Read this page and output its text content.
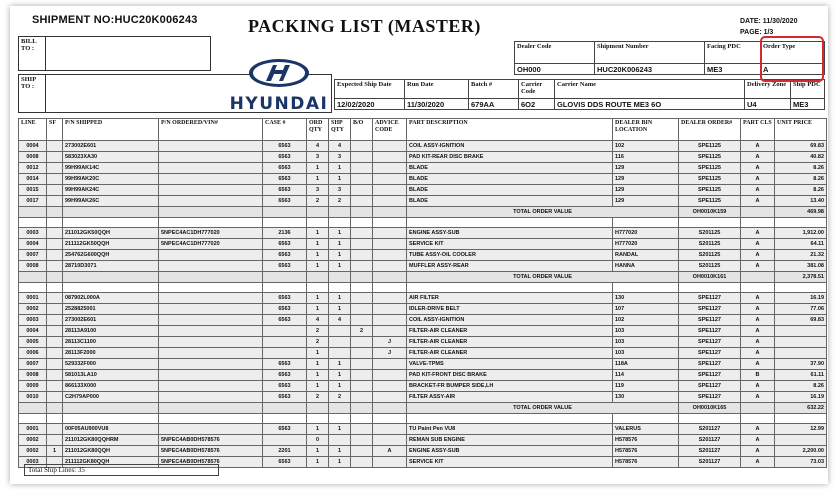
SHIPMENT NO:HUC20K006243	PACKING LIST (MASTER)	DATE: 11/30/2020
PAGE: 1/3
BILL TO :
SHIP TO :
HYUNDAI
Dealer Code	Shipment Number	Facing PDC	Order Type
OH000	HUC20K006243	ME3	A
Expected Ship Date	Run Date	Batch #	Carrier Code	Carrier Name	Delivery Zone	Ship PDC
12/02/2020	11/30/2020	679AA	6O2	GLOVIS DDS ROUTE ME3 6O	U4	ME3
LINE	SF	P/N SHIPPED	P/N ORDERED/VIN#	CASE #	ORD QTY	SHP QTY	B/O	ADVICE CODE	PART DESCRIPTION	DEALER BIN LOCATION	DEALER ORDER#	PART CLS	UNIT PRICE
0004		273002E601		6563	4	4			COIL ASSY-IGNITION	102	SPE1125	A	69.83
0008		583023XA30		6563	3	3			PAD KIT-REAR DISC BRAKE	116	SPE1125	A	40.82
0012		99H99AK14C		6563	1	1			BLADE	129	SPE1125	A	8.26
0014		99H99AK20C		6563	1	1			BLADE	129	SPE1125	A	8.26
0015		99H99AK24C		6563	3	3			BLADE	129	SPE1125	A	8.26
0017		99H99AK26C		6563	2	2			BLADE	129	SPE1125	A	13.40
									TOTAL ORDER VALUE		OH0010K159		469.98

0003		211012GK50QQH	5NPEC4AC1DH777020	2136	1	1			ENGINE ASSY-SUB	H777020	S201125	A	1,912.00
0004		211112GK50QQH	5NPEC4AC1DH777020	6563	1	1			SERVICE KIT	H777020	S201125	A	64.11
0007		254762G600QQH		6563	1	1			TUBE ASSY-OIL COOLER	RANDAL	S201125	A	21.32
0008		28710D3071		6563	1	1			MUFFLER ASSY-REAR	HANNA	S201125	A	381.08
									TOTAL ORDER VALUE		OH0010K161		2,378.51

0001		087902L000A		6563	1	1			AIR FILTER	130	SPE1127	A	16.19
0002		2528825001		6563	1	1			IDLER-DRIVE BELT	107	SPE1127	A	77.06
0003		273002E601		6563	4	4			COIL ASSY-IGNITION	102	SPE1127	A	69.83
0004		28113A9100			2		2		FILTER-AIR CLEANER	103	SPE1127	A	
0005		28113C1100			2			J	FILTER-AIR CLEANER	103	SPE1127	A	
0006		28113F2000			1			J	FILTER-AIR CLEANER	103	SPE1127	A	
0007		529332F000		6563	1	1			VALVE-TPMS	118A	SPE1127	A	37.90
0008		581013LA10		6563	1	1			PAD KIT-FRONT DISC BRAKE	114	SPE1127	B	61.11
0009		866133X000		6563	1	1			BRACKET-FR BUMPER SIDE,LH	119	SPE1127	A	8.26
0010		C2H79AP000		6563	2	2			FILTER ASSY-AIR	130	SPE1127	A	16.19
									TOTAL ORDER VALUE		OH0010K165		632.22

0001		00F05AU900VU8		6563	1	1			TU Paint Pen VU8	VALERUS	S201127	A	12.99
0002		211012GK80QQHRM	5NPEC4AB0DH578576		0				REMAN SUB ENGINE	H578576	S201127	A	
0002	1	211012GK80QQH	5NPEC4AB0DH578576	2201	1	1		A	ENGINE ASSY-SUB	H578576	S201127	A	2,200.00
0003		211112GK80QQH	5NPEC4AB0DH578576	6563	1	1			SERVICE KIT	H578576	S201127	A	73.03
Total Ship Lines: 35
